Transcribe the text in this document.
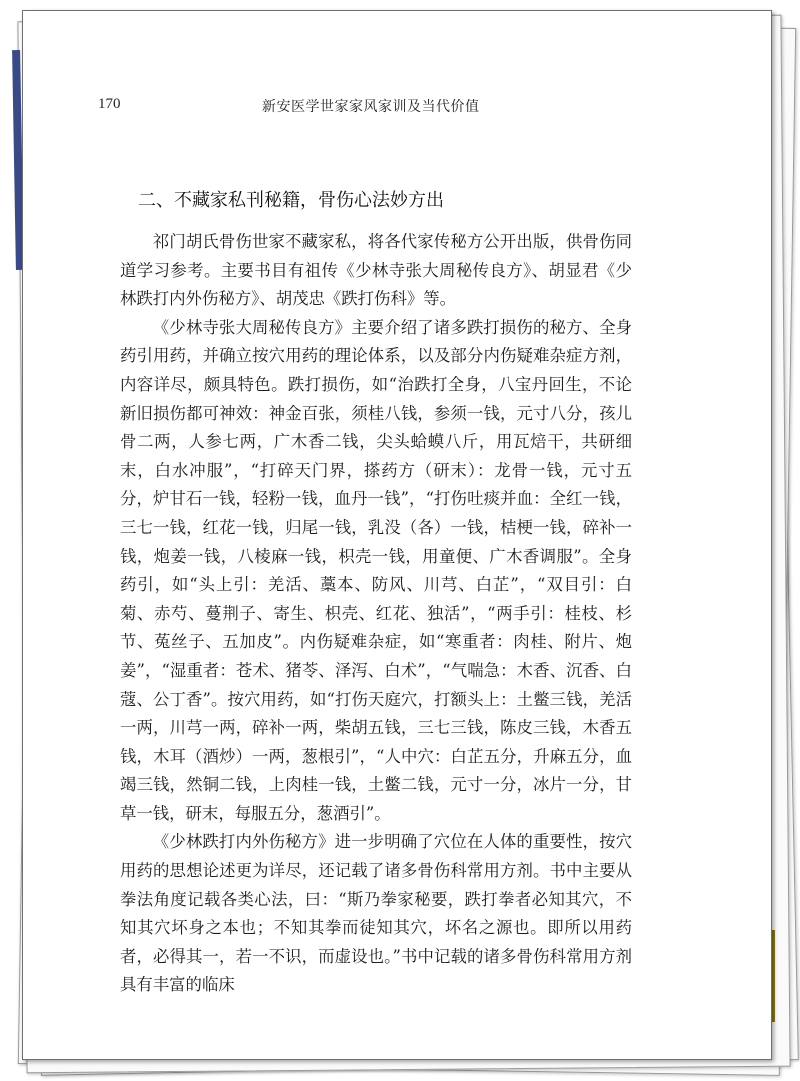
170	新安医学世家家风家训及当代价值
二、不藏家私刊秘籍，骨伤心法妙方出

祁门胡氏骨伤世家不藏家私，将各代家传秘方公开出版，供骨伤同道学习参考。主要书目有祖传《少林寺张大周秘传良方》、胡显君《少林跌打内外伤秘方》、胡茂忠《跌打伤科》等。

《少林寺张大周秘传良方》主要介绍了诸多跌打损伤的秘方、全身药引用药，并确立按穴用药的理论体系，以及部分内伤疑难杂症方剂，内容详尽，颇具特色。跌打损伤，如“治跌打全身，八宝丹回生，不论新旧损伤都可神效：神金百张，须桂八钱，参须一钱，元寸八分，孩儿骨二两，人参七两，广木香二钱，尖头蛤蟆八斤，用瓦焙干，共研细末，白水冲服”，“打碎天门界，搽药方（研末）：龙骨一钱，元寸五分，炉甘石一钱，轻粉一钱，血丹一钱”，“打伤吐痰并血：全红一钱，三七一钱，红花一钱，归尾一钱，乳没（各）一钱，桔梗一钱，碎补一钱，炮姜一钱，八棱麻一钱，枳壳一钱，用童便、广木香调服”。全身药引，如“头上引：羌活、藁本、防风、川芎、白芷”，“双目引：白菊、赤芍、蔓荆子、寄生、枳壳、红花、独活”，“两手引：桂枝、杉节、菟丝子、五加皮”。内伤疑难杂症，如“寒重者：肉桂、附片、炮姜”，“湿重者：苍术、猪苓、泽泻、白术”，“气喘急：木香、沉香、白蔻、公丁香”。按穴用药，如“打伤天庭穴，打额头上：土鳖三钱，羌活一两，川芎一两，碎补一两，柴胡五钱，三七三钱，陈皮三钱，木香五钱，木耳（酒炒）一两，葱根引”，“人中穴：白芷五分，升麻五分，血竭三钱，然铜二钱，上肉桂一钱，土鳖二钱，元寸一分，冰片一分，甘草一钱，研末，每服五分，葱酒引”。

《少林跌打内外伤秘方》进一步明确了穴位在人体的重要性，按穴用药的思想论述更为详尽，还记载了诸多骨伤科常用方剂。书中主要从拳法角度记载各类心法，曰：“斯乃拳家秘要，跌打拳者必知其穴，不知其穴坏身之本也；不知其拳而徒知其穴，坏名之源也。即所以用药者，必得其一，若一不识，而虚设也。”书中记载的诸多骨伤科常用方剂具有丰富的临床
